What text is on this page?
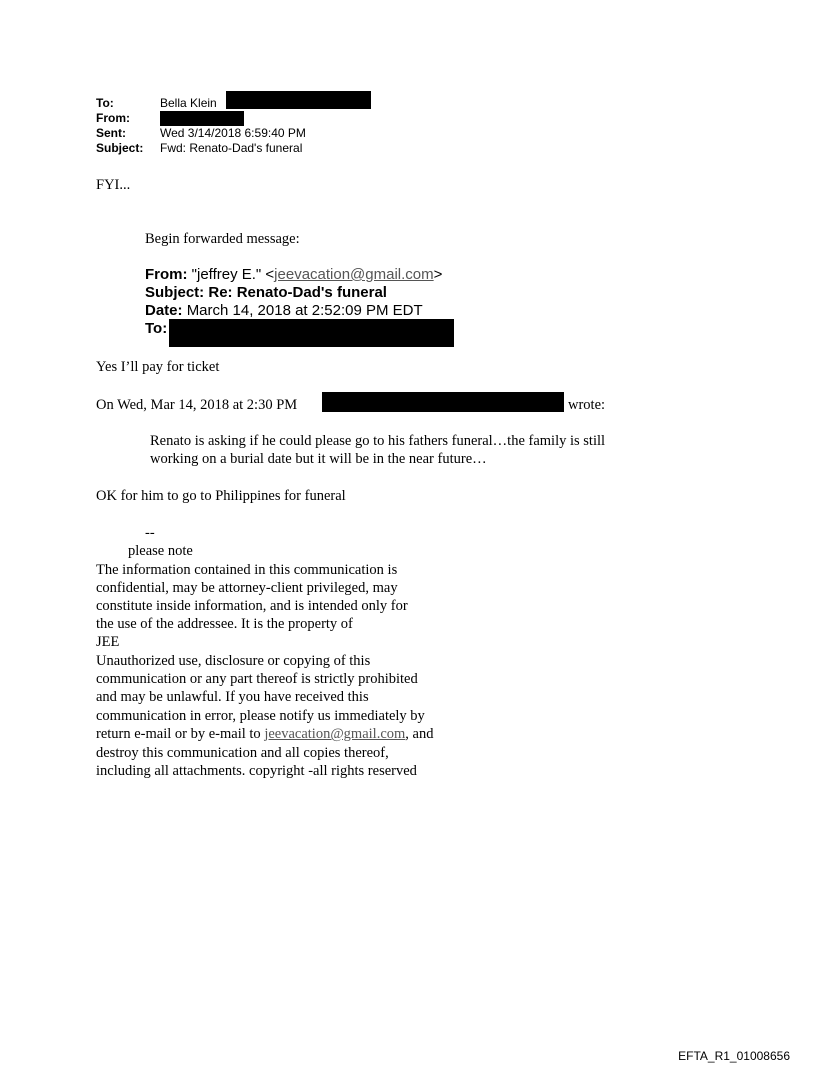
To:	Bella Klein
From:
Sent:	Wed 3/14/2018 6:59:40 PM
Subject: Fwd: Renato-Dad's funeral
FYI...
Begin forwarded message:
From: "jeffrey E." <jeevacation@gmail.com>
Subject: Re: Renato-Dad's funeral
Date: March 14, 2018 at 2:52:09 PM EDT
To:
Yes I’ll pay for ticket
On Wed, Mar 14, 2018 at 2:30 PM	wrote:
Renato is asking if he could please go to his fathers funeral…the family is still
working on a burial date but it will be in the near future…
OK for him to go to Philippines for funeral
--
please note
The information contained in this communication is
confidential, may be attorney-client privileged, may
constitute inside information, and is intended only for
the use of the addressee. It is the property of
JEE
Unauthorized use, disclosure or copying of this
communication or any part thereof is strictly prohibited
and may be unlawful. If you have received this
communication in error, please notify us immediately by
return e-mail or by e-mail to jeevacation@gmail.com, and
destroy this communication and all copies thereof,
including all attachments. copyright -all rights reserved
EFTA_R1_01008656
